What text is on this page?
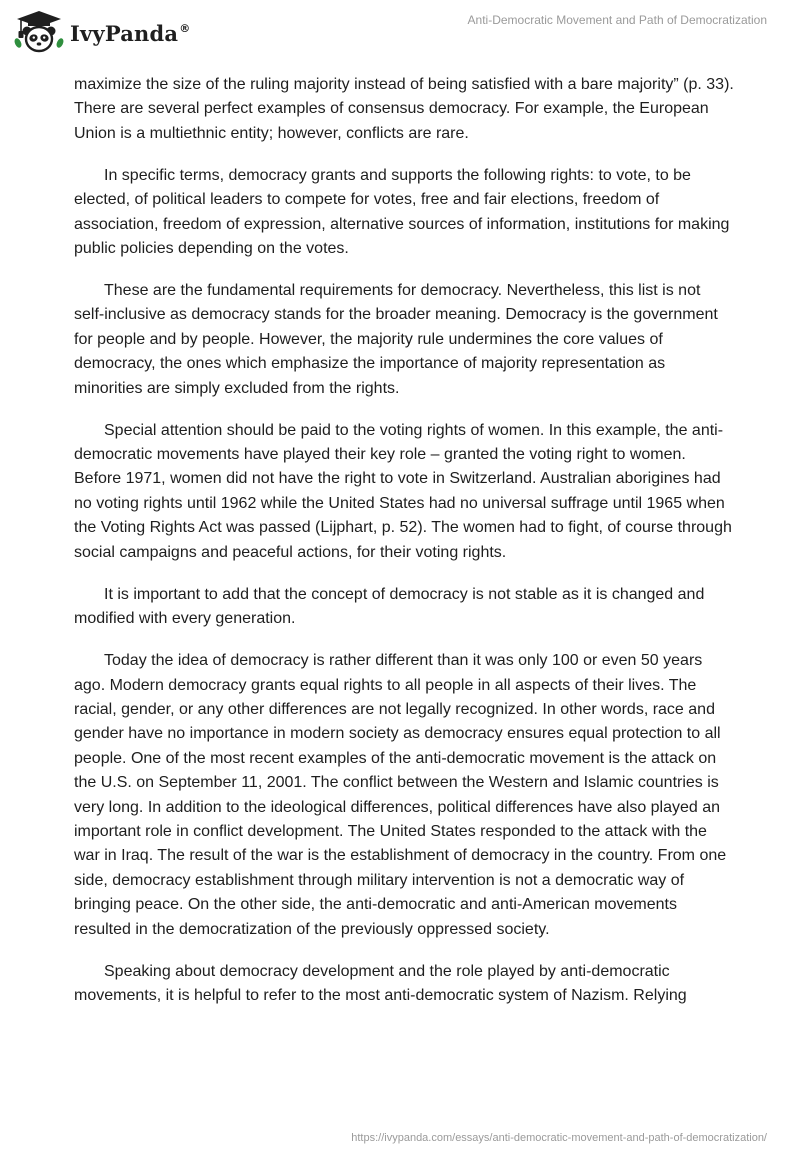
IvyPanda®
Anti-Democratic Movement and Path of Democratization

maximize the size of the ruling majority instead of being satisfied with a bare majority” (p. 33). There are several perfect examples of consensus democracy. For example, the European Union is a multiethnic entity; however, conflicts are rare.

In specific terms, democracy grants and supports the following rights: to vote, to be elected, of political leaders to compete for votes, free and fair elections, freedom of association, freedom of expression, alternative sources of information, institutions for making public policies depending on the votes.

These are the fundamental requirements for democracy. Nevertheless, this list is not self-inclusive as democracy stands for the broader meaning. Democracy is the government for people and by people. However, the majority rule undermines the core values of democracy, the ones which emphasize the importance of majority representation as minorities are simply excluded from the rights.

Special attention should be paid to the voting rights of women. In this example, the anti-democratic movements have played their key role – granted the voting right to women. Before 1971, women did not have the right to vote in Switzerland. Australian aborigines had no voting rights until 1962 while the United States had no universal suffrage until 1965 when the Voting Rights Act was passed (Lijphart, p. 52). The women had to fight, of course through social campaigns and peaceful actions, for their voting rights.

It is important to add that the concept of democracy is not stable as it is changed and modified with every generation.

Today the idea of democracy is rather different than it was only 100 or even 50 years ago. Modern democracy grants equal rights to all people in all aspects of their lives. The racial, gender, or any other differences are not legally recognized. In other words, race and gender have no importance in modern society as democracy ensures equal protection to all people. One of the most recent examples of the anti-democratic movement is the attack on the U.S. on September 11, 2001. The conflict between the Western and Islamic countries is very long. In addition to the ideological differences, political differences have also played an important role in conflict development. The United States responded to the attack with the war in Iraq. The result of the war is the establishment of democracy in the country. From one side, democracy establishment through military intervention is not a democratic way of bringing peace. On the other side, the anti-democratic and anti-American movements resulted in the democratization of the previously oppressed society.

Speaking about democracy development and the role played by anti-democratic movements, it is helpful to refer to the most anti-democratic system of Nazism. Relying

https://ivypanda.com/essays/anti-democratic-movement-and-path-of-democratization/
